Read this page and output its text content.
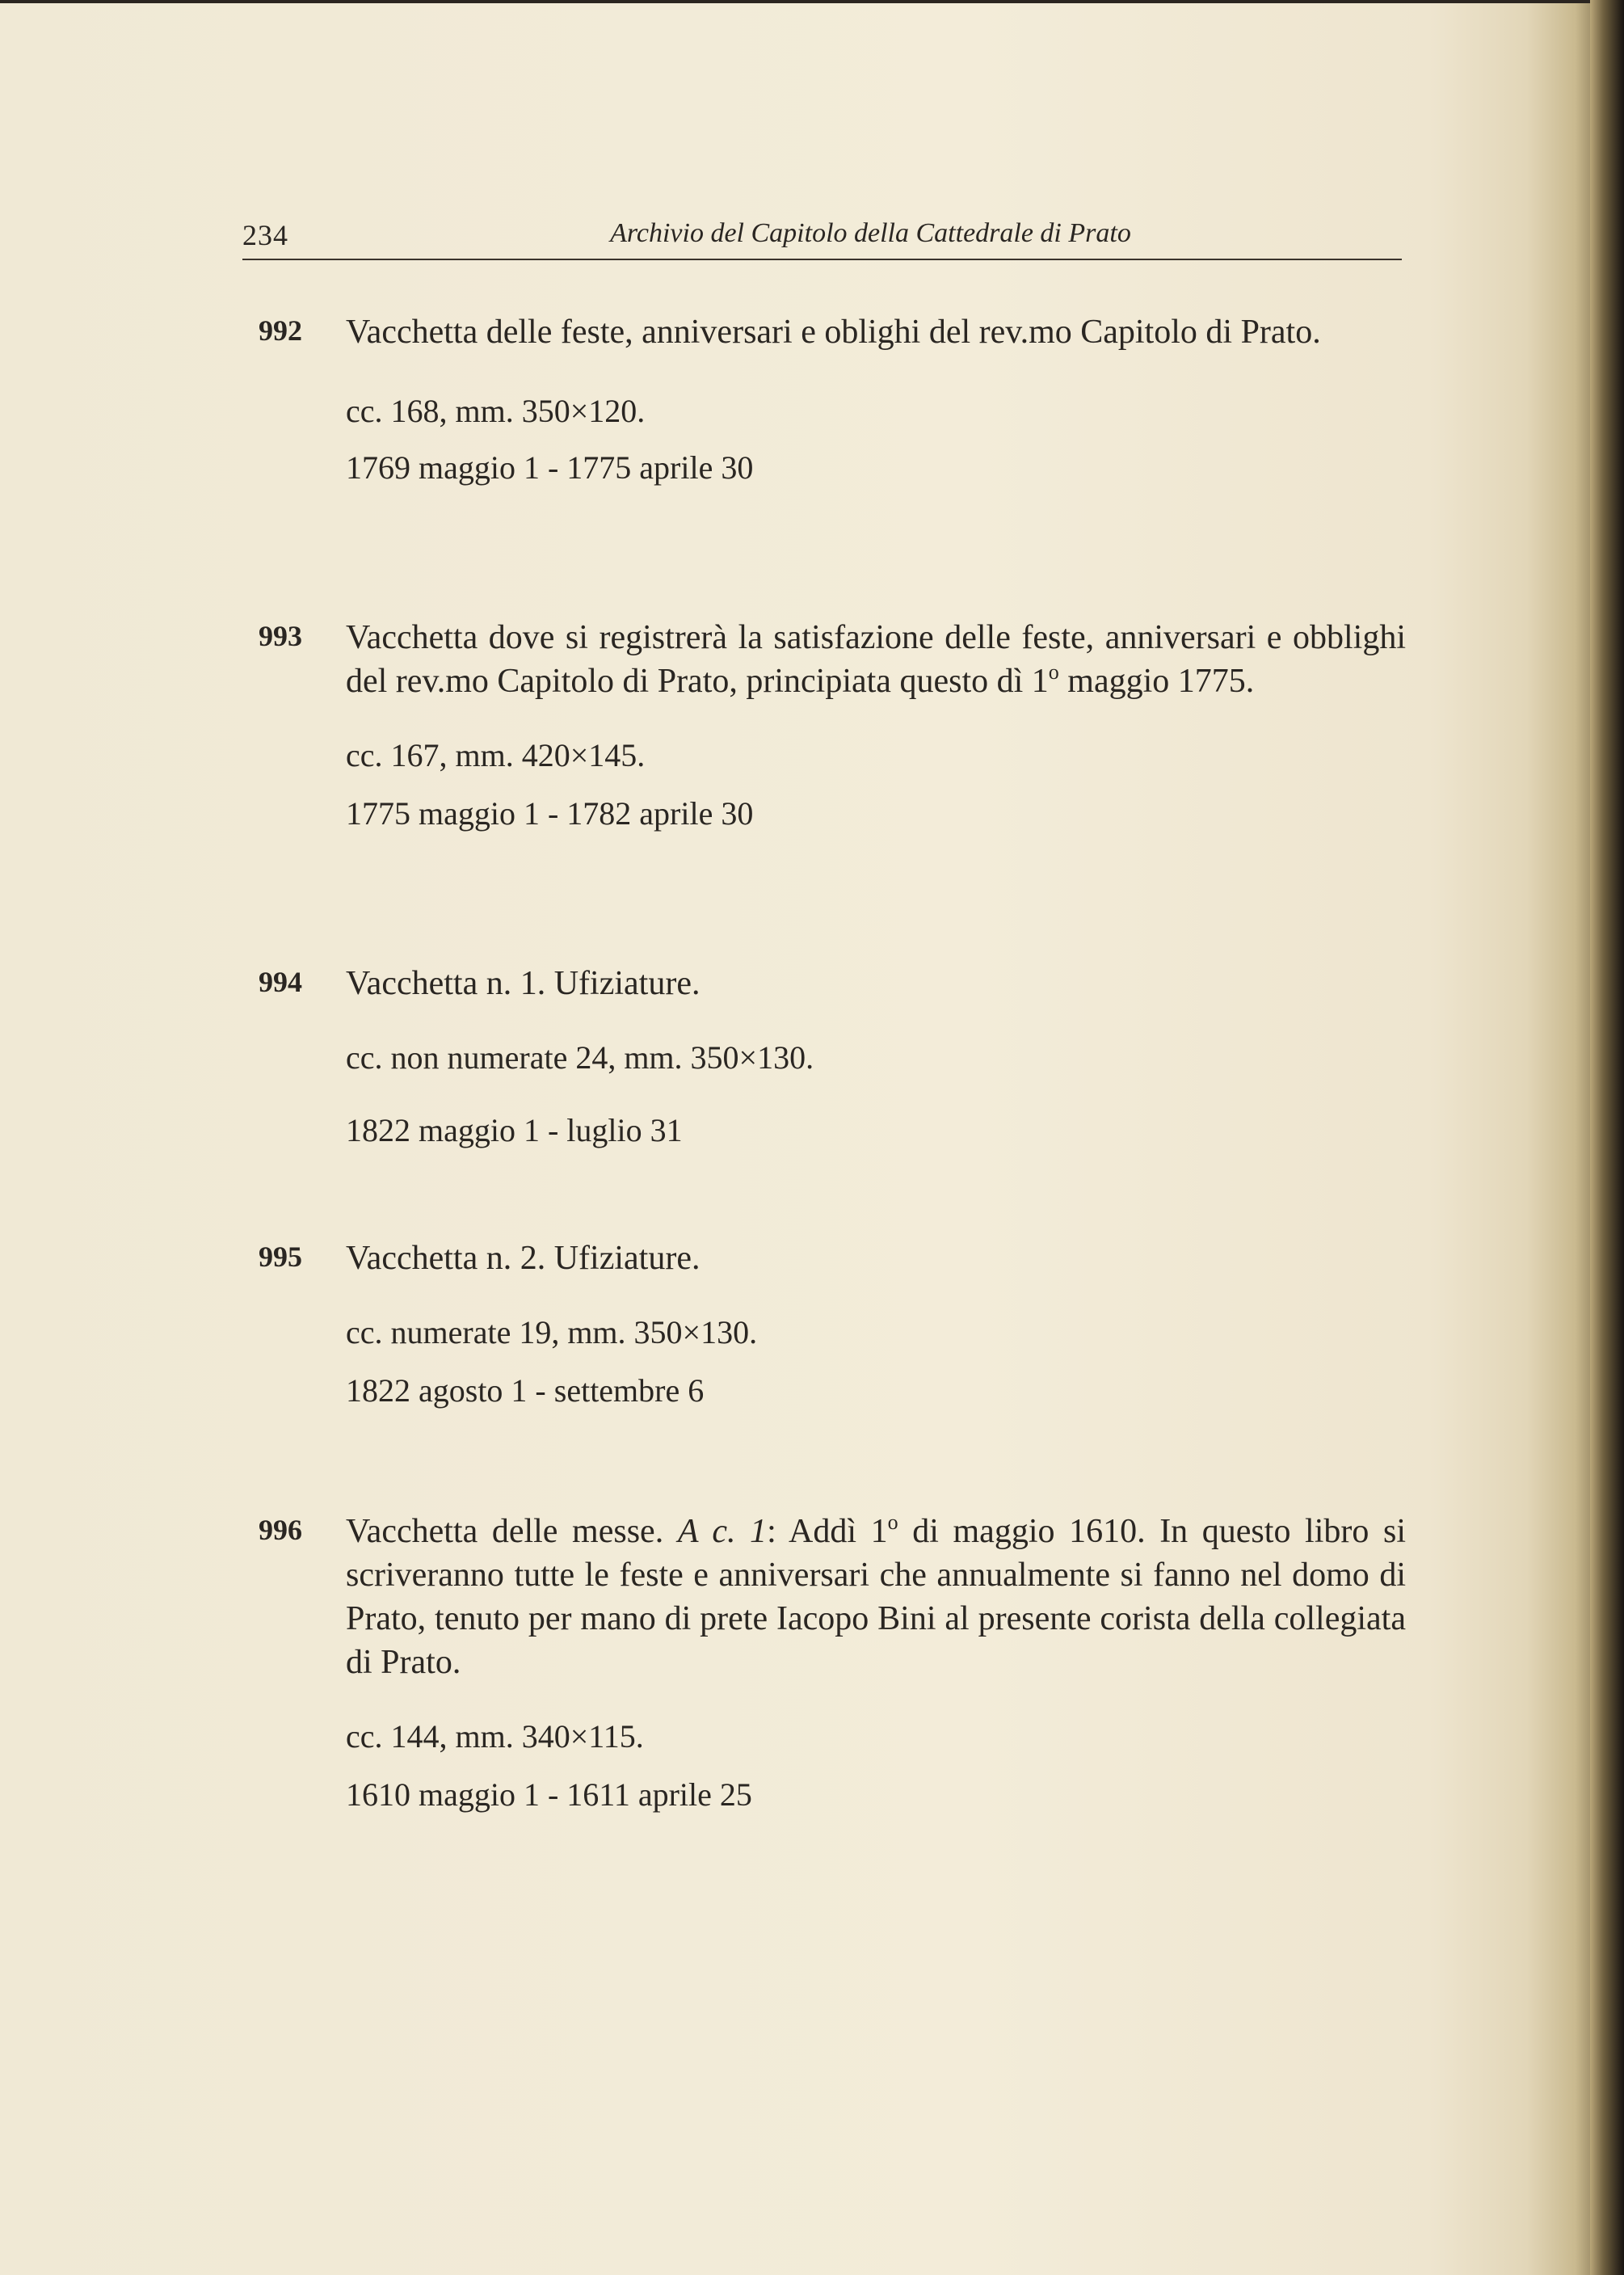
234	Archivio del Capitolo della Cattedrale di Prato
992 Vacchetta delle feste, anniversari e oblighi del rev.mo Capitolo di Prato.

cc. 168, mm. 350×120.

1769 maggio 1 - 1775 aprile 30

993 Vacchetta dove si registrerà la satisfazione delle feste, anniversari e obblighi del rev.mo Capitolo di Prato, principiata questo dì 1$^o$ maggio 1775.

cc. 167, mm. 420×145.

1775 maggio 1 - 1782 aprile 30

994 Vacchetta n. 1. Ufiziature.

cc. non numerate 24, mm. 350×130.

1822 maggio 1 - luglio 31

995 Vacchetta n. 2. Ufiziature.

cc. numerate 19, mm. 350×130.

1822 agosto 1 - settembre 6

996 Vacchetta delle messe. A c. 1: Addì 1$^o$ di maggio 1610. In questo libro si scriveranno tutte le feste e anniversari che annualmente si fanno nel domo di Prato, tenuto per mano di prete Iacopo Bini al presente corista della collegiata di Prato.

cc. 144, mm. 340×115.

1610 maggio 1 - 1611 aprile 25
